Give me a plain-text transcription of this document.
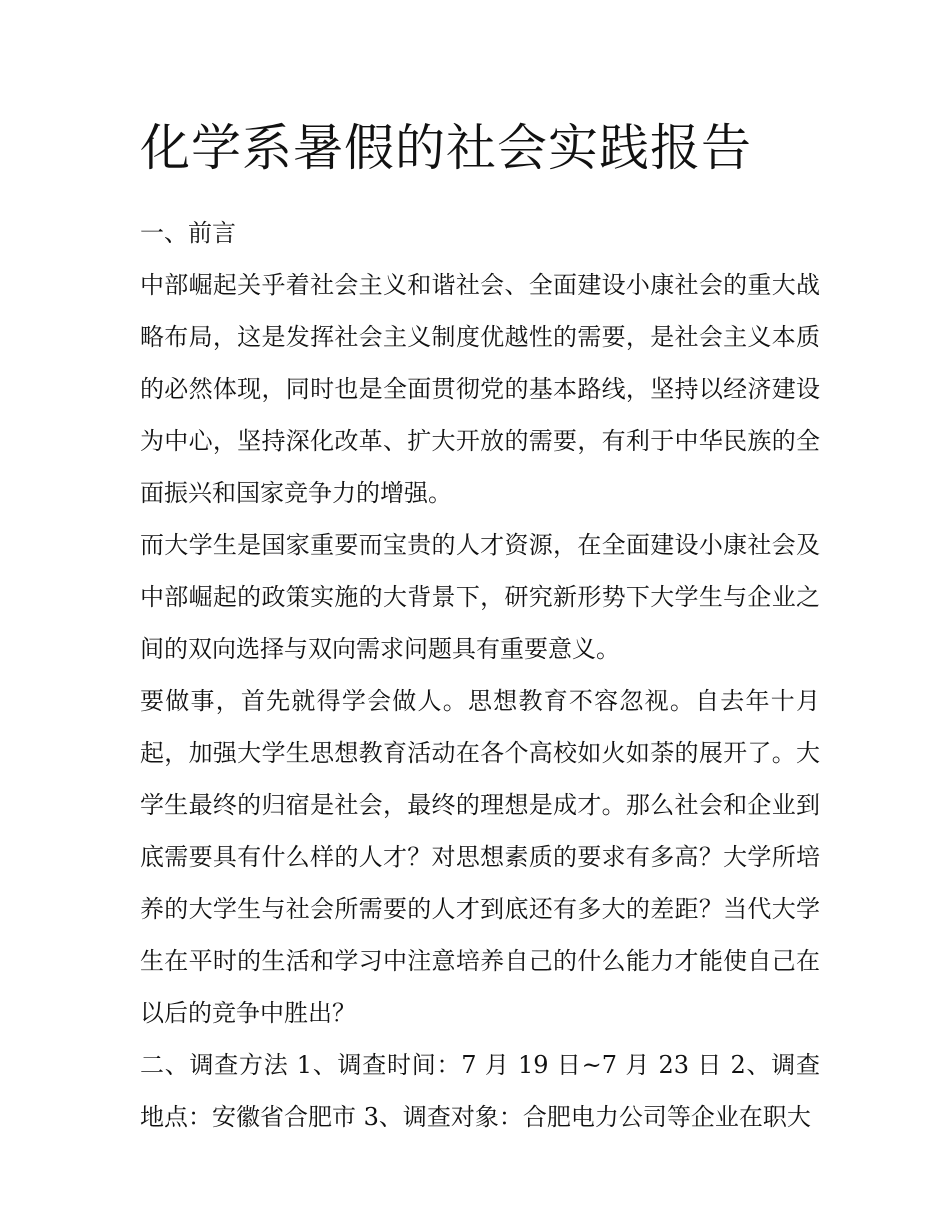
化学系暑假的社会实践报告
一、前言

中部崛起关乎着社会主义和谐社会、全面建设小康社会的重大战略布局，这是发挥社会主义制度优越性的需要，是社会主义本质的必然体现，同时也是全面贯彻党的基本路线，坚持以经济建设为中心，坚持深化改革、扩大开放的需要，有利于中华民族的全面振兴和国家竞争力的增强。

而大学生是国家重要而宝贵的人才资源，在全面建设小康社会及中部崛起的政策实施的大背景下，研究新形势下大学生与企业之间的双向选择与双向需求问题具有重要意义。

要做事，首先就得学会做人。思想教育不容忽视。自去年十月起，加强大学生思想教育活动在各个高校如火如荼的展开了。大学生最终的归宿是社会，最终的理想是成才。那么社会和企业到底需要具有什么样的人才？对思想素质的要求有多高？大学所培养的大学生与社会所需要的人才到底还有多大的差距？当代大学生在平时的生活和学习中注意培养自己的什么能力才能使自己在以后的竞争中胜出？

二、调查方法 1、调查时间：7 月 19 日~7 月 23 日 2、调查地点：安徽省合肥市 3、调查对象：合肥电力公司等企业在职大
